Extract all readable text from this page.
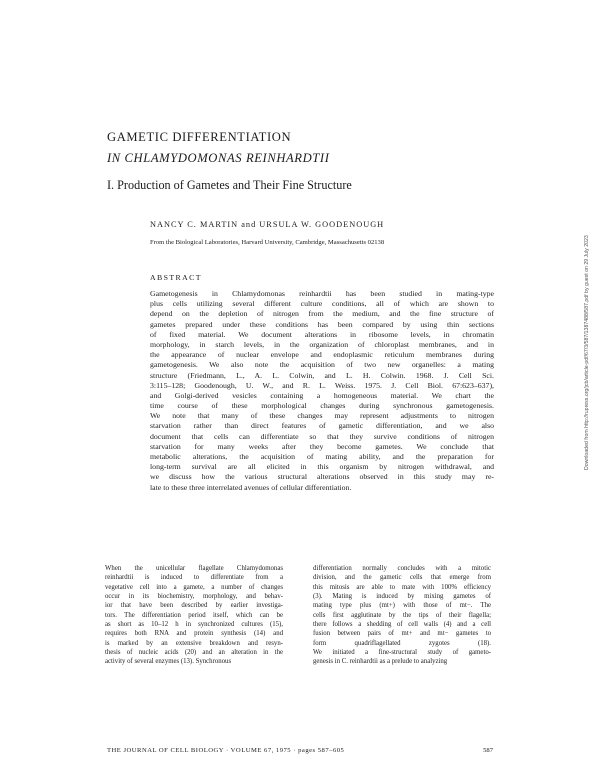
GAMETIC DIFFERENTIATION
IN CHLAMYDOMONAS REINHARDTII
I. Production of Gametes and Their Fine Structure
NANCY C. MARTIN and URSULA W. GOODENOUGH
From the Biological Laboratories, Harvard University, Cambridge, Massachusetts 02138
ABSTRACT
Gametogenesis in Chlamydomonas reinhardtii has been studied in mating-type
plus cells utilizing several different culture conditions, all of which are shown to
depend on the depletion of nitrogen from the medium, and the fine structure of
gametes prepared under these conditions has been compared by using thin sections
of fixed material. We document alterations in ribosome levels, in chromatin
morphology, in starch levels, in the organization of chloroplast membranes, and in
the appearance of nuclear envelope and endoplasmic reticulum membranes during
gametogenesis. We also note the acquisition of two new organelles: a mating
structure (Friedmann, L., A. L. Colwin, and L. H. Colwin. 1968. J. Cell Sci.
3:115–128; Goodenough, U. W., and R. L. Weiss. 1975. J. Cell Biol. 67:623–637),
and Golgi-derived vesicles containing a homogeneous material. We chart the
time course of these morphological changes during synchronous gametogenesis.
We note that many of these changes may represent adjustments to nitrogen
starvation rather than direct features of gametic differentiation, and we also
document that cells can differentiate so that they survive conditions of nitrogen
starvation for many weeks after they become gametes. We conclude that
metabolic alterations, the acquisition of mating ability, and the preparation for
long-term survival are all elicited in this organism by nitrogen withdrawal, and
we discuss how the various structural alterations observed in this study may re-
late to these three interrelated avenues of cellular differentiation.
When the unicellular flagellate Chlamydomonas
reinhardtii is induced to differentiate from a
vegetative cell into a gamete, a number of changes
occur in its biochemistry, morphology, and behav-
ior that have been described by earlier investiga-
tors. The differentiation period itself, which can be
as short as 10–12 h in synchronized cultures (15),
requires both RNA and protein synthesis (14) and
is marked by an extensive breakdown and resyn-
thesis of nucleic acids (20) and an alteration in the
activity of several enzymes (13). Synchronous
differentiation normally concludes with a mitotic
division, and the gametic cells that emerge from
this mitosis are able to mate with 100% efficiency
(3). Mating is induced by mixing gametes of
mating type plus (mt+) with those of mt−. The
cells first agglutinate by the tips of their flagella;
there follows a shedding of cell walls (4) and a cell
fusion between pairs of mt+ and mt− gametes to
form quadriflagellated zygotes (18).
We initiated a fine-structural study of gameto-
genesis in C. reinhardtii as a prelude to analyzing
THE JOURNAL OF CELL BIOLOGY · VOLUME 67, 1975 · pages 587–605	587
Downloaded from http://rupress.org/jcb/article-pdf/67/3/587/1387488/587.pdf by guest on 29 July 2023
